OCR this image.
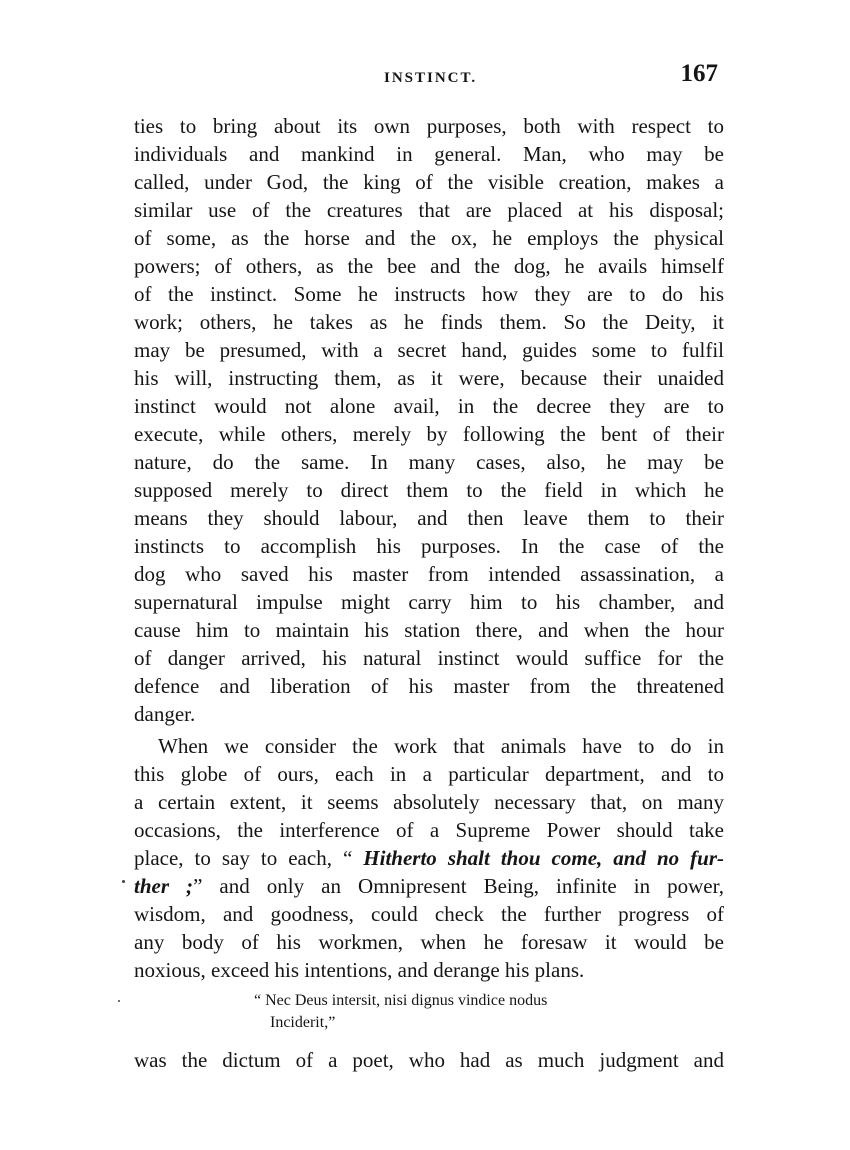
INSTINCT.	167
ties to bring about its own purposes, both with respect to
individuals and mankind in general. Man, who may be
called, under God, the king of the visible creation, makes a
similar use of the creatures that are placed at his disposal;
of some, as the horse and the ox, he employs the physical
powers; of others, as the bee and the dog, he avails himself
of the instinct. Some he instructs how they are to do his
work; others, he takes as he finds them. So the Deity, it
may be presumed, with a secret hand, guides some to fulfil
his will, instructing them, as it were, because their unaided
instinct would not alone avail, in the decree they are to
execute, while others, merely by following the bent of their
nature, do the same. In many cases, also, he may be
supposed merely to direct them to the field in which he
means they should labour, and then leave them to their
instincts to accomplish his purposes. In the case of the
dog who saved his master from intended assassination, a
supernatural impulse might carry him to his chamber, and
cause him to maintain his station there, and when the hour
of danger arrived, his natural instinct would suffice for the
defence and liberation of his master from the threatened
danger.
When we consider the work that animals have to do in
this globe of ours, each in a particular department, and to
a certain extent, it seems absolutely necessary that, on many
occasions, the interference of a Supreme Power should take
place, to say to each, “ Hitherto shalt thou come, and no fur-
ther ;” and only an Omnipresent Being, infinite in power,
wisdom, and goodness, could check the further progress of
any body of his workmen, when he foresaw it would be
noxious, exceed his intentions, and derange his plans.
“ Nec Deus intersit, nisi dignus vindice nodus
Inciderit,”
was the dictum of a poet, who had as much judgment and
